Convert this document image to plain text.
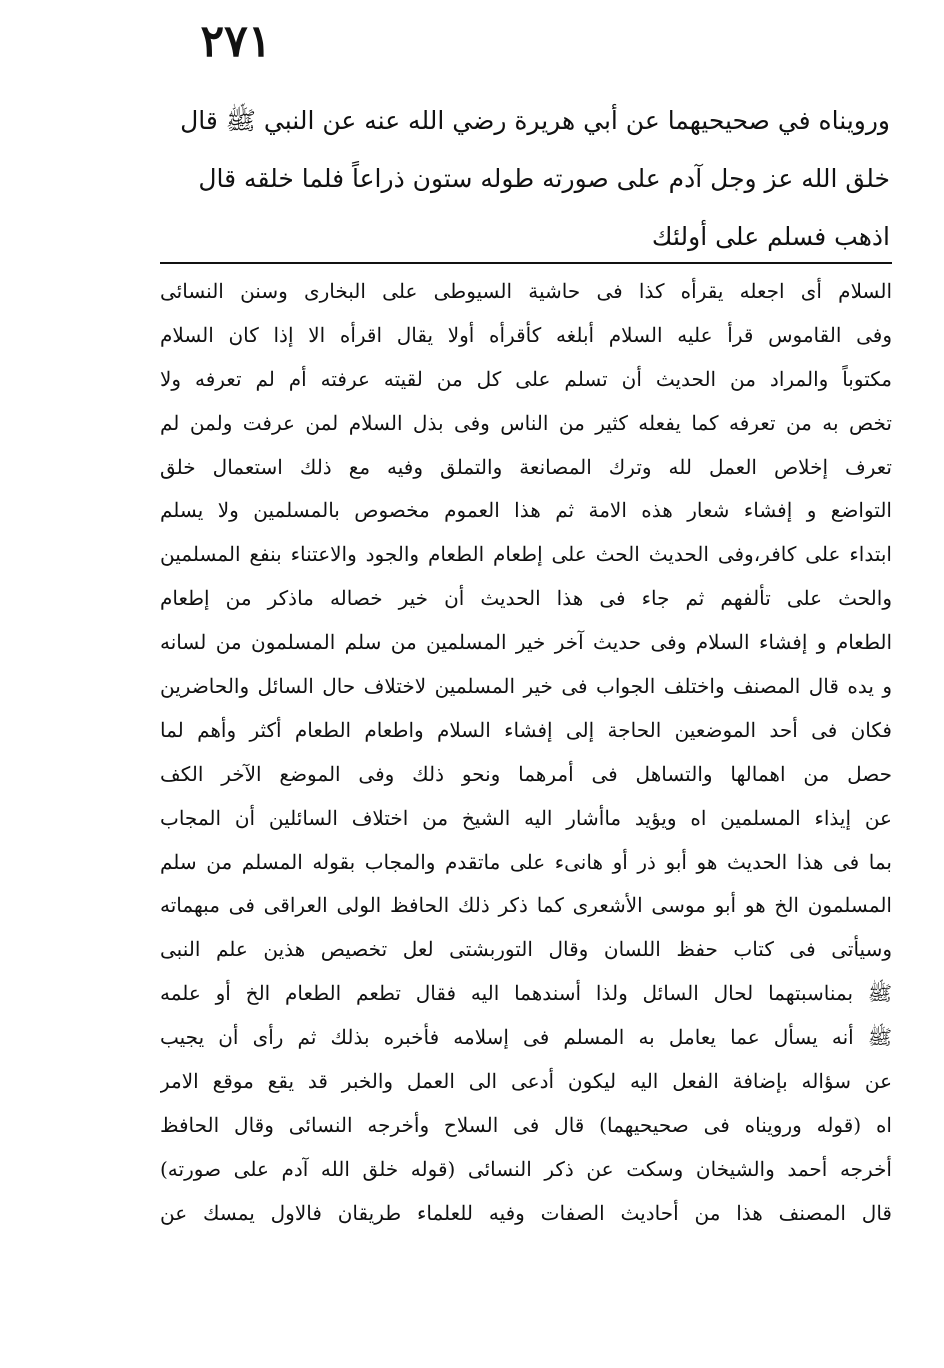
٢٧١
ورويناه في صحيحيهما عن أبي هريرة رضي الله عنه عن النبي ﷺ قال
خلق الله عز وجل آدم على صورته طوله ستون ذراعاً فلما خلقه قال
اذهب فسلم على أولئك
السلام أى اجعله يقرأه كذا فى حاشية السيوطى على البخارى وسنن النسائى
وفى القاموس قرأ عليه السلام أبلغه كأقرأه أولا يقال اقرأه الا إذا كان السلام
مكتوباً والمراد من الحديث أن تسلم على كل من لقيته عرفته أم لم تعرفه ولا
تخص به من تعرفه كما يفعله كثير من الناس وفى بذل السلام لمن عرفت ولمن لم
تعرف إخلاص العمل لله وترك المصانعة والتملق وفيه مع ذلك استعمال خلق
التواضع و إفشاء شعار هذه الامة ثم هذا العموم مخصوص بالمسلمين ولا يسلم
ابتداء على كافر،وفى الحديث الحث على إطعام الطعام والجود والاعتناء بنفع المسلمين
والحث على تألفهم ثم جاء فى هذا الحديث أن خير خصاله ماذكر من إطعام
الطعام و إفشاء السلام وفى حديث آخر خير المسلمين من سلم المسلمون من لسانه
و يده قال المصنف واختلف الجواب فى خير المسلمين لاختلاف حال السائل والحاضرين
فكان فى أحد الموضعين الحاجة إلى إفشاء السلام واطعام الطعام أكثر وأهم لما
حصل من اهمالها والتساهل فى أمرهما ونحو ذلك وفى الموضع الآخر الكف
عن إيذاء المسلمين اه ويؤيد ماأشار اليه الشيخ من اختلاف السائلين أن المجاب
بما فى هذا الحديث هو أبو ذر أو هانىء على ماتقدم والمجاب بقوله المسلم من سلم
المسلمون الخ هو أبو موسى الأشعرى كما ذكر ذلك الحافظ الولى العراقى فى مبهماته
وسيأتى فى كتاب حفظ اللسان وقال التوربشتى لعل تخصيص هذين علم النبى
ﷺ بمناسبتهما لحال السائل ولذا أسندهما اليه فقال تطعم الطعام الخ أو علمه
ﷺ أنه يسأل عما يعامل به المسلم فى إسلامه فأخبره بذلك ثم رأى أن يجيب
عن سؤاله بإضافة الفعل اليه ليكون أدعى الى العمل والخبر قد يقع موقع الامر
اه (قوله ورويناه فى صحيحيهما) قال فى السلاح وأخرجه النسائى وقال الحافظ
أخرجه أحمد والشيخان وسكت عن ذكر النسائى (قوله خلق الله آدم على صورته)
قال المصنف هذا من أحاديث الصفات وفيه للعلماء طريقان فالاول يمسك عن
